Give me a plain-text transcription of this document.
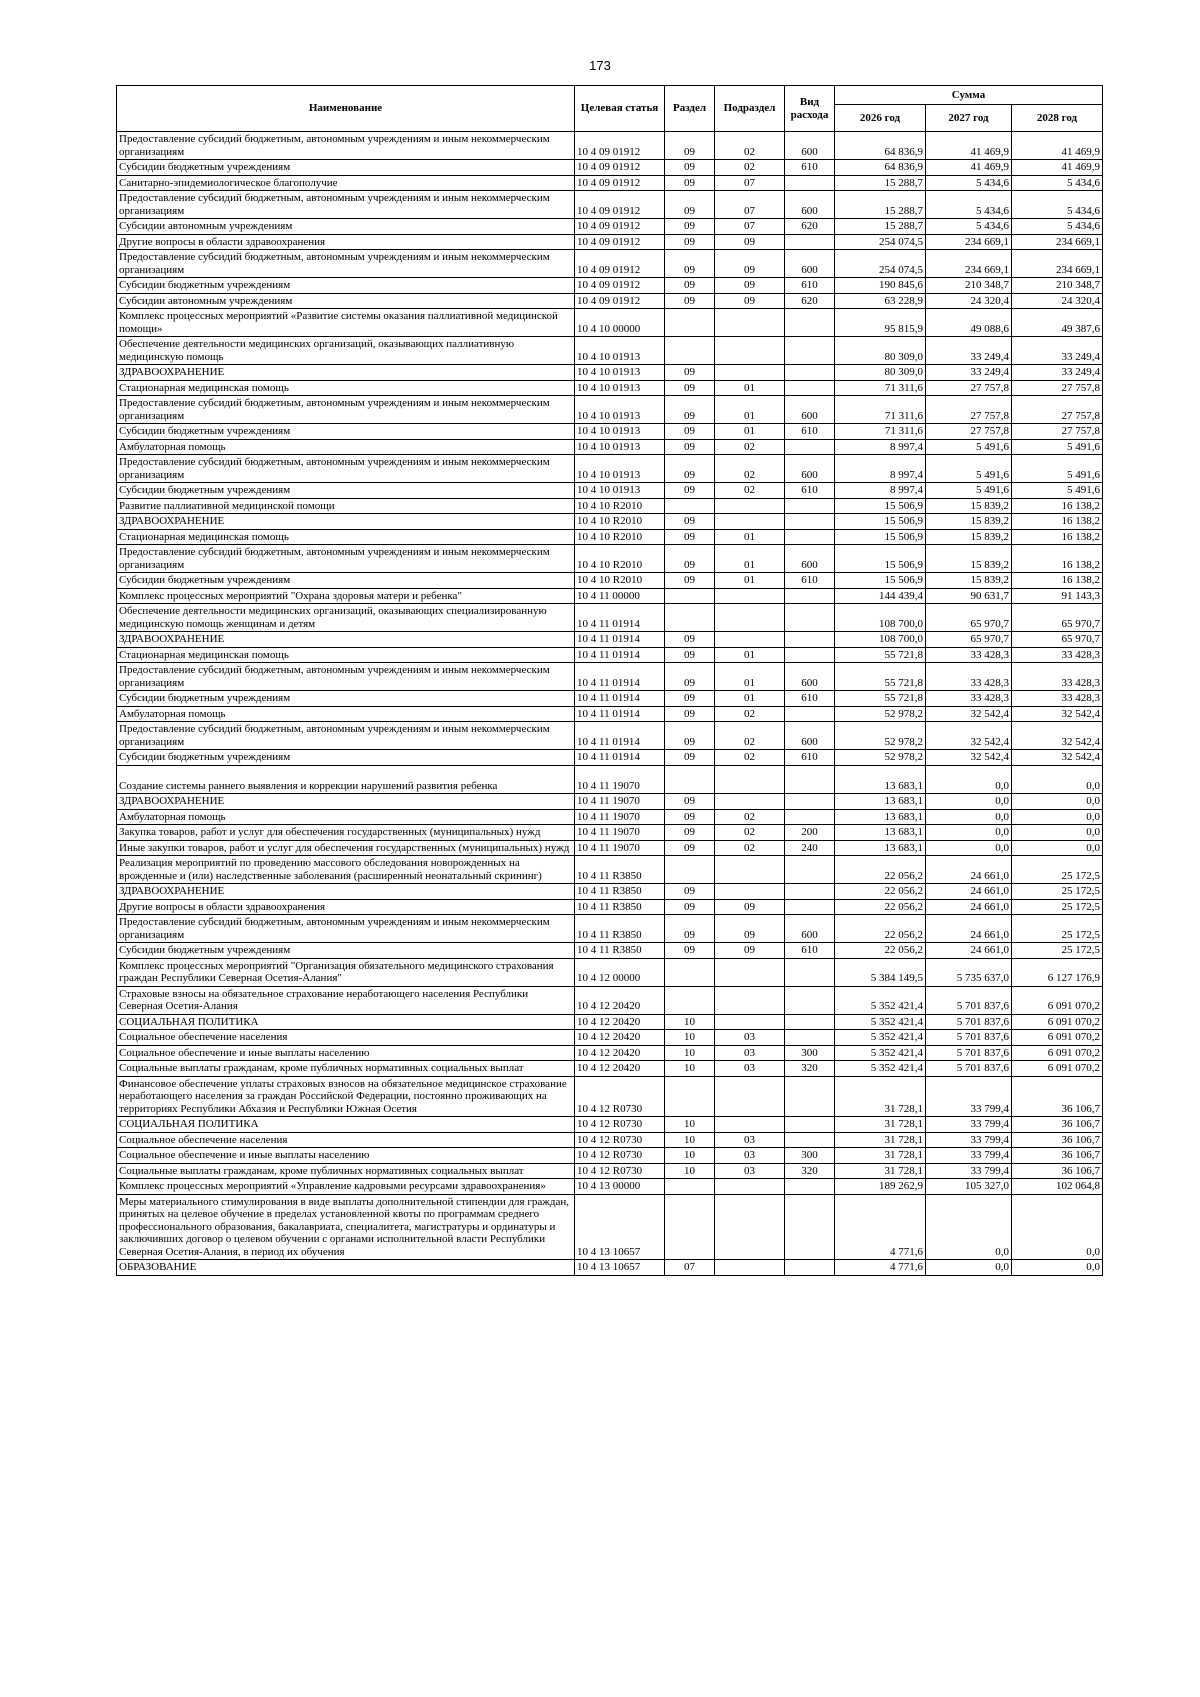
173
Наименование	Целевая статья	Раздел	Подраздел	Вид расхода	Сумма		
					2026 год	2027 год	2028 год
Предоставление субсидий бюджетным, автономным учреждениям и иным некоммерческим организациям	10 4 09 01912	09	02	600	64 836,9	41 469,9	41 469,9
Субсидии бюджетным учреждениям	10 4 09 01912	09	02	610	64 836,9	41 469,9	41 469,9
Санитарно-эпидемиологическое благополучие	10 4 09 01912	09	07		15 288,7	5 434,6	5 434,6
Предоставление субсидий бюджетным, автономным учреждениям и иным некоммерческим организациям	10 4 09 01912	09	07	600	15 288,7	5 434,6	5 434,6
Субсидии автономным учреждениям	10 4 09 01912	09	07	620	15 288,7	5 434,6	5 434,6
Другие вопросы в области здравоохранения	10 4 09 01912	09	09		254 074,5	234 669,1	234 669,1
Предоставление субсидий бюджетным, автономным учреждениям и иным некоммерческим организациям	10 4 09 01912	09	09	600	254 074,5	234 669,1	234 669,1
Субсидии бюджетным учреждениям	10 4 09 01912	09	09	610	190 845,6	210 348,7	210 348,7
Субсидии автономным учреждениям	10 4 09 01912	09	09	620	63 228,9	24 320,4	24 320,4
Комплекс процессных мероприятий «Развитие системы оказания паллиативной медицинской помощи»	10 4 10 00000				95 815,9	49 088,6	49 387,6
Обеспечение деятельности медицинских организаций, оказывающих паллиативную медицинскую помощь	10 4 10 01913				80 309,0	33 249,4	33 249,4
ЗДРАВООХРАНЕНИЕ	10 4 10 01913	09			80 309,0	33 249,4	33 249,4
Стационарная медицинская помощь	10 4 10 01913	09	01		71 311,6	27 757,8	27 757,8
Предоставление субсидий бюджетным, автономным учреждениям и иным некоммерческим организациям	10 4 10 01913	09	01	600	71 311,6	27 757,8	27 757,8
Субсидии бюджетным учреждениям	10 4 10 01913	09	01	610	71 311,6	27 757,8	27 757,8
Амбулаторная помощь	10 4 10 01913	09	02		8 997,4	5 491,6	5 491,6
Предоставление субсидий бюджетным, автономным учреждениям и иным некоммерческим организациям	10 4 10 01913	09	02	600	8 997,4	5 491,6	5 491,6
Субсидии бюджетным учреждениям	10 4 10 01913	09	02	610	8 997,4	5 491,6	5 491,6
Развитие паллиативной медицинской помощи	10 4 10 R2010				15 506,9	15 839,2	16 138,2
ЗДРАВООХРАНЕНИЕ	10 4 10 R2010	09			15 506,9	15 839,2	16 138,2
Стационарная медицинская помощь	10 4 10 R2010	09	01		15 506,9	15 839,2	16 138,2
Предоставление субсидий бюджетным, автономным учреждениям и иным некоммерческим организациям	10 4 10 R2010	09	01	600	15 506,9	15 839,2	16 138,2
Субсидии бюджетным учреждениям	10 4 10 R2010	09	01	610	15 506,9	15 839,2	16 138,2
Комплекс процессных мероприятий "Охрана здоровья матери и ребенка"	10 4 11 00000				144 439,4	90 631,7	91 143,3
Обеспечение деятельности медицинских организаций, оказывающих специализированную медицинскую помощь женщинам и детям	10 4 11 01914				108 700,0	65 970,7	65 970,7
ЗДРАВООХРАНЕНИЕ	10 4 11 01914	09			108 700,0	65 970,7	65 970,7
Стационарная медицинская помощь	10 4 11 01914	09	01		55 721,8	33 428,3	33 428,3
Предоставление субсидий бюджетным, автономным учреждениям и иным некоммерческим организациям	10 4 11 01914	09	01	600	55 721,8	33 428,3	33 428,3
Субсидии бюджетным учреждениям	10 4 11 01914	09	01	610	55 721,8	33 428,3	33 428,3
Амбулаторная помощь	10 4 11 01914	09	02		52 978,2	32 542,4	32 542,4
Предоставление субсидий бюджетным, автономным учреждениям и иным некоммерческим организациям	10 4 11 01914	09	02	600	52 978,2	32 542,4	32 542,4
Субсидии бюджетным учреждениям	10 4 11 01914	09	02	610	52 978,2	32 542,4	32 542,4
Создание системы раннего выявления и коррекции нарушений развития ребенка	10 4 11 19070				13 683,1	0,0	0,0
ЗДРАВООХРАНЕНИЕ	10 4 11 19070	09			13 683,1	0,0	0,0
Амбулаторная помощь	10 4 11 19070	09	02		13 683,1	0,0	0,0
Закупка товаров, работ и услуг для обеспечения государственных (муниципальных) нужд	10 4 11 19070	09	02	200	13 683,1	0,0	0,0
Иные закупки товаров, работ и услуг для обеспечения государственных (муниципальных) нужд	10 4 11 19070	09	02	240	13 683,1	0,0	0,0
Реализация мероприятий по проведению массового обследования новорожденных на врожденные и (или) наследственные заболевания (расширенный неонатальный скрининг)	10 4 11 R3850				22 056,2	24 661,0	25 172,5
ЗДРАВООХРАНЕНИЕ	10 4 11 R3850	09			22 056,2	24 661,0	25 172,5
Другие вопросы в области здравоохранения	10 4 11 R3850	09	09		22 056,2	24 661,0	25 172,5
Предоставление субсидий бюджетным, автономным учреждениям и иным некоммерческим организациям	10 4 11 R3850	09	09	600	22 056,2	24 661,0	25 172,5
Субсидии бюджетным учреждениям	10 4 11 R3850	09	09	610	22 056,2	24 661,0	25 172,5
Комплекс процессных мероприятий "Организация обязательного медицинского страхования граждан Республики Северная Осетия-Алания"	10 4 12 00000				5 384 149,5	5 735 637,0	6 127 176,9
Страховые взносы на обязательное страхование неработающего населения Республики Северная Осетия-Алания	10 4 12 20420				5 352 421,4	5 701 837,6	6 091 070,2
СОЦИАЛЬНАЯ ПОЛИТИКА	10 4 12 20420	10			5 352 421,4	5 701 837,6	6 091 070,2
Социальное обеспечение населения	10 4 12 20420	10	03		5 352 421,4	5 701 837,6	6 091 070,2
Социальное обеспечение и иные выплаты населению	10 4 12 20420	10	03	300	5 352 421,4	5 701 837,6	6 091 070,2
Социальные выплаты гражданам, кроме публичных нормативных социальных выплат	10 4 12 20420	10	03	320	5 352 421,4	5 701 837,6	6 091 070,2
Финансовое обеспечение уплаты страховых взносов на обязательное медицинское страхование неработающего населения за граждан Российской Федерации, постоянно проживающих на территориях Республики Абхазия и Республики Южная Осетия	10 4 12 R0730				31 728,1	33 799,4	36 106,7
СОЦИАЛЬНАЯ ПОЛИТИКА	10 4 12 R0730	10			31 728,1	33 799,4	36 106,7
Социальное обеспечение населения	10 4 12 R0730	10	03		31 728,1	33 799,4	36 106,7
Социальное обеспечение и иные выплаты населению	10 4 12 R0730	10	03	300	31 728,1	33 799,4	36 106,7
Социальные выплаты гражданам, кроме публичных нормативных социальных выплат	10 4 12 R0730	10	03	320	31 728,1	33 799,4	36 106,7
Комплекс процессных мероприятий «Управление кадровыми ресурсами здравоохранения»	10 4 13 00000				189 262,9	105 327,0	102 064,8
Меры материального стимулирования в виде выплаты дополнительной стипендии для граждан, принятых на целевое обучение в пределах установленной квоты по программам среднего профессионального образования, бакалавриата, специалитета, магистратуры и ординатуры и заключивших договор о целевом обучении с органами исполнительной власти Республики Северная Осетия-Алания, в период их обучения	10 4 13 10657				4 771,6	0,0	0,0
ОБРАЗОВАНИЕ	10 4 13 10657	07			4 771,6	0,0	0,0
